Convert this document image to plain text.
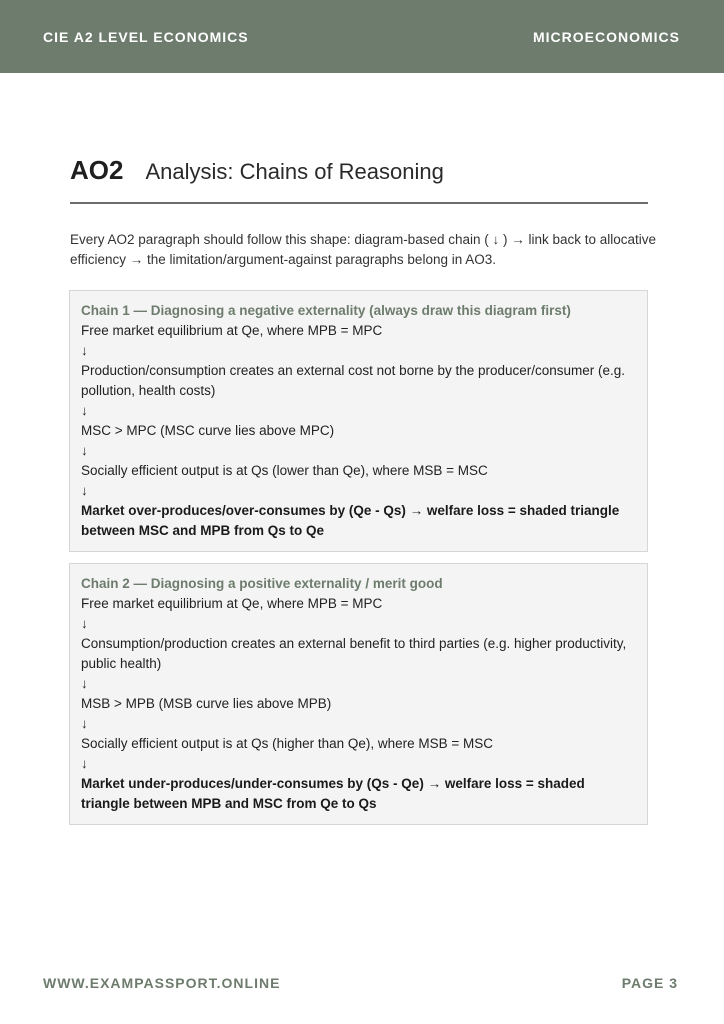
CIE A2 LEVEL ECONOMICS	MICROECONOMICS
AO2 Analysis: Chains of Reasoning
Every AO2 paragraph should follow this shape: diagram-based chain ( ↓ ) → link back to allocative efficiency → the limitation/argument-against paragraphs belong in AO3.
Chain 1 — Diagnosing a negative externality (always draw this diagram first)
Free market equilibrium at Qe, where MPB = MPC
↓
Production/consumption creates an external cost not borne by the producer/consumer (e.g. pollution, health costs)
↓
MSC > MPC (MSC curve lies above MPC)
↓
Socially efficient output is at Qs (lower than Qe), where MSB = MSC
↓
Market over-produces/over-consumes by (Qe - Qs) → welfare loss = shaded triangle between MSC and MPB from Qs to Qe
Chain 2 — Diagnosing a positive externality / merit good
Free market equilibrium at Qe, where MPB = MPC
↓
Consumption/production creates an external benefit to third parties (e.g. higher productivity, public health)
↓
MSB > MPB (MSB curve lies above MPB)
↓
Socially efficient output is at Qs (higher than Qe), where MSB = MSC
↓
Market under-produces/under-consumes by (Qs - Qe) → welfare loss = shaded triangle between MPB and MSC from Qe to Qs
WWW.EXAMPASSPORT.ONLINE	PAGE 3
